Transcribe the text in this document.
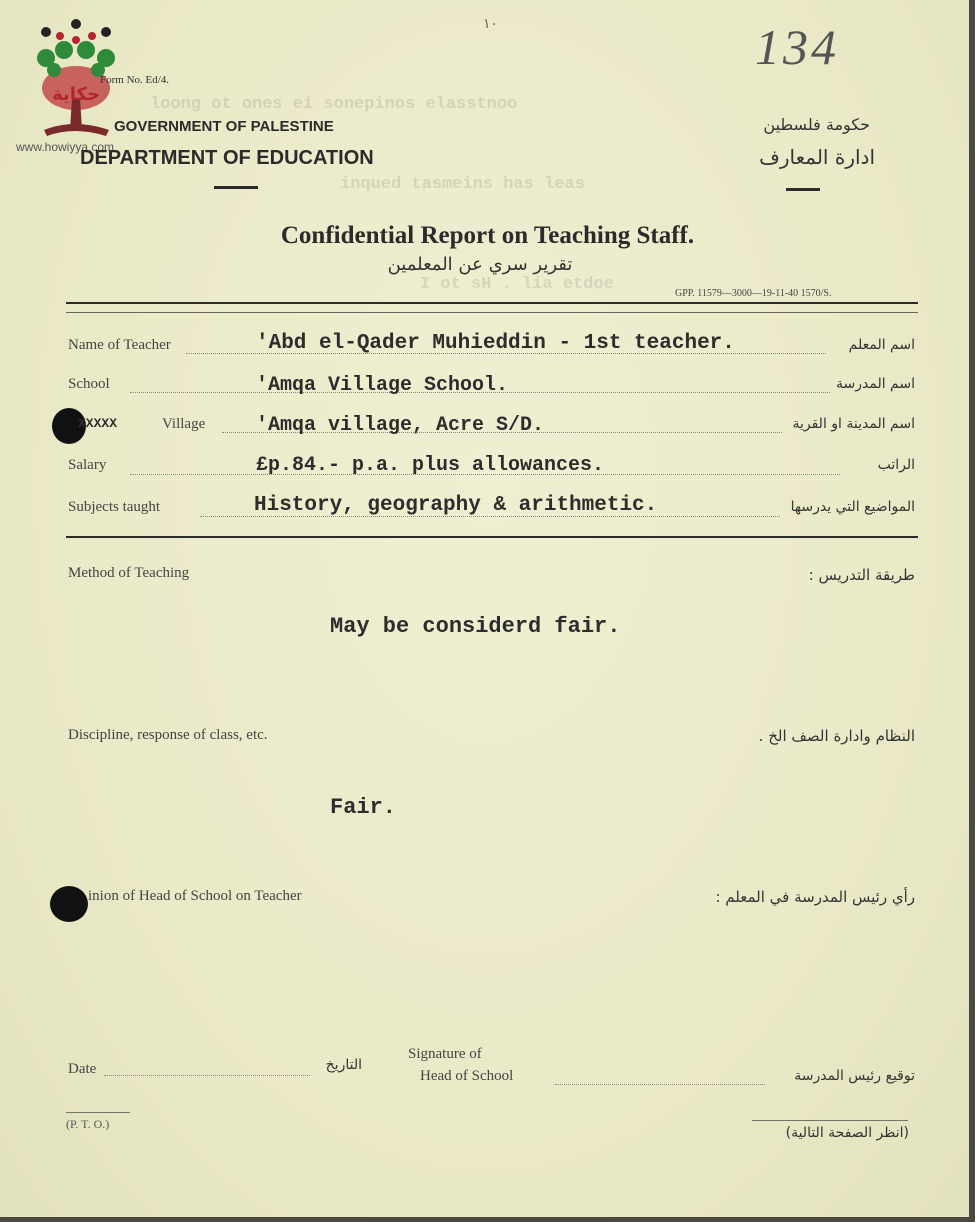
loong ot ones ei sonepinos elasstnoo
inqued tasmeins has leas
I ot sH . lia etdoe
حكاية
www.howiyya.com
Form No. Ed/4.
١٠	134
GOVERNMENT OF PALESTINE
DEPARTMENT OF EDUCATION
حكومة فلسطين
ادارة المعارف
Confidential Report on Teaching Staff.
تقرير سري عن المعلمين
GPP. 11579—3000—19-11-40 1570/S.
Name of Teacher	'Abd el-Qader Muhieddin - 1st teacher.	اسم المعلم
School	'Amqa Village School.	اسم المدرسة
XXXXX	Village	'Amqa village, Acre S/D.	اسم المدينة او القرية
Salary	£p.84.- p.a. plus allowances.	الراتب
Subjects taught	History, geography & arithmetic.	المواضيع التي يدرسها
Method of Teaching	طريقة التدريس :
May be considerd fair.
Discipline, response of class, etc.	النظام وادارة الصف الخ .
Fair.
inion of Head of School on Teacher	رأي رئيس المدرسة في المعلم :
Date	التاريخ
Signature of
Head of School	توقيع رئيس المدرسة
(P. T. O.)
(انظر الصفحة التالية)
